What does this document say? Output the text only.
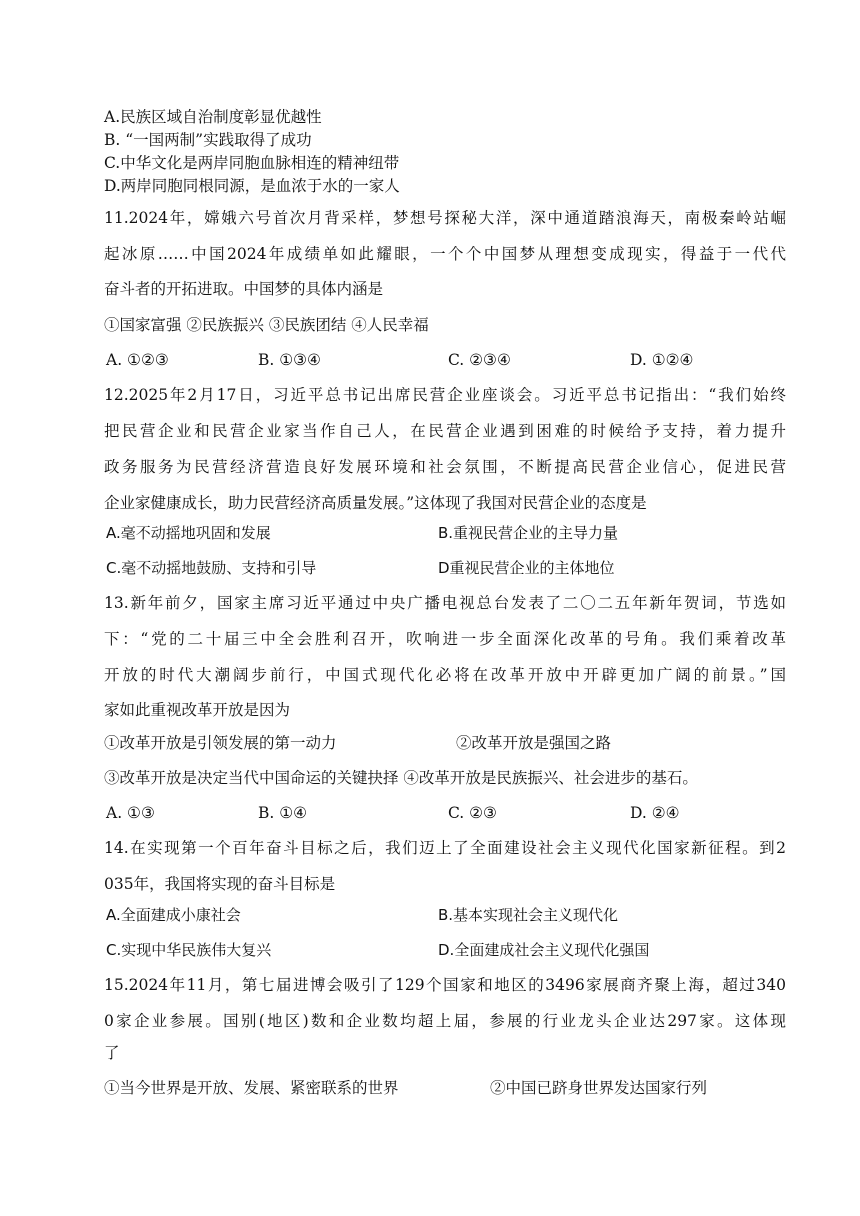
A.民族区域自治制度彰显优越性
B. “一国两制”实践取得了成功
C.中华文化是两岸同胞血脉相连的精神纽带
D.两岸同胞同根同源，是血浓于水的一家人
11.2024年，嫦娥六号首次月背采样，梦想号探秘大洋，深中通道踏浪海天，南极秦岭站崛
起冰原……中国2024年成绩单如此耀眼，一个个中国梦从理想变成现实，得益于一代代
奋斗者的开拓进取。中国梦的具体内涵是
①国家富强 ②民族振兴 ③民族团结 ④人民幸福
A. ①②③	B. ①③④	C. ②③④	D. ①②④
12.2025年2月17日，习近平总书记出席民营企业座谈会。习近平总书记指出：“我们始终
把民营企业和民营企业家当作自己人，在民营企业遇到困难的时候给予支持，着力提升
政务服务为民营经济营造良好发展环境和社会氛围，不断提高民营企业信心，促进民营
企业家健康成长，助力民营经济高质量发展。”这体现了我国对民营企业的态度是
A.毫不动摇地巩固和发展	B.重视民营企业的主导力量
C.毫不动摇地鼓励、支持和引导	D重视民营企业的主体地位
13.新年前夕，国家主席习近平通过中央广播电视总台发表了二〇二五年新年贺词，节选如
下：“党的二十届三中全会胜利召开，吹响进一步全面深化改革的号角。我们乘着改革
开放的时代大潮阔步前行，中国式现代化必将在改革开放中开辟更加广阔的前景。”国
家如此重视改革开放是因为
①改革开放是引领发展的第一动力	②改革开放是强国之路
③改革开放是决定当代中国命运的关键抉择 ④改革开放是民族振兴、社会进步的基石。
A. ①③	B. ①④	C. ②③	D. ②④
14.在实现第一个百年奋斗目标之后，我们迈上了全面建设社会主义现代化国家新征程。到2
035年，我国将实现的奋斗目标是
A.全面建成小康社会	B.基本实现社会主义现代化
C.实现中华民族伟大复兴	D.全面建成社会主义现代化强国
15.2024年11月，第七届进博会吸引了129个国家和地区的3496家展商齐聚上海，超过340
0家企业参展。国别(地区)数和企业数均超上届，参展的行业龙头企业达297家。这体现
了
①当今世界是开放、发展、紧密联系的世界	②中国已跻身世界发达国家行列
